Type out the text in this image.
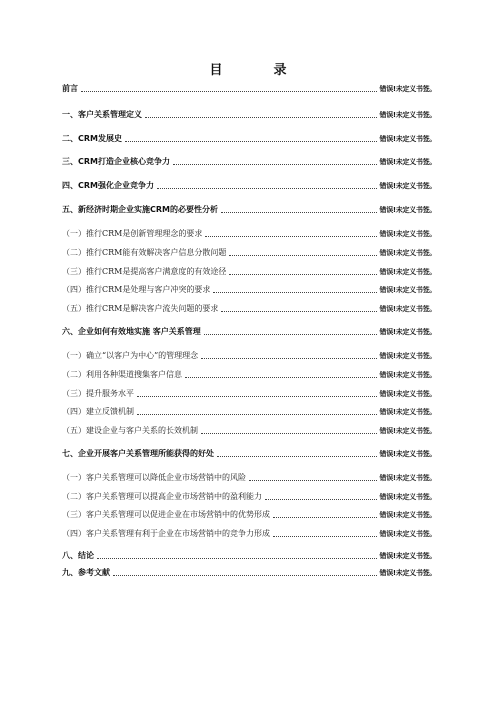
目　录
前言	错误!未定义书签。
一、客户关系管理定义	错误!未定义书签。
二、CRM发展史	错误!未定义书签。
三、CRM打造企业核心竞争力	错误!未定义书签。
四、CRM强化企业竞争力	错误!未定义书签。
五、新经济时期企业实施CRM的必要性分析	错误!未定义书签。
（一）推行CRM是创新管理理念的要求	错误!未定义书签。
（二）推行CRM能有效解决客户信息分散问题	错误!未定义书签。
（三）推行CRM是提高客户满意度的有效途径	错误!未定义书签。
（四）推行CRM是处理与客户冲突的要求	错误!未定义书签。
（五）推行CRM是解决客户流失问题的要求	错误!未定义书签。
六、企业如何有效地实施 客户关系管理	错误!未定义书签。
（一）确立“以客户为中心”的管理理念	错误!未定义书签。
（二）利用各种渠道搜集客户信息	错误!未定义书签。
（三）提升服务水平	错误!未定义书签。
（四）建立反馈机制	错误!未定义书签。
（五）建设企业与客户关系的长效机制	错误!未定义书签。
七、企业开展客户关系管理所能获得的好处	错误!未定义书签。
（一）客户关系管理可以降低企业市场营销中的风险	错误!未定义书签。
（二）客户关系管理可以提高企业市场营销中的盈利能力	错误!未定义书签。
（三）客户关系管理可以促进企业在市场营销中的优势形成	错误!未定义书签。
（四）客户关系管理有利于企业在市场营销中的竞争力形成	错误!未定义书签。
八、结论	错误!未定义书签。
九、参考文献	错误!未定义书签。
